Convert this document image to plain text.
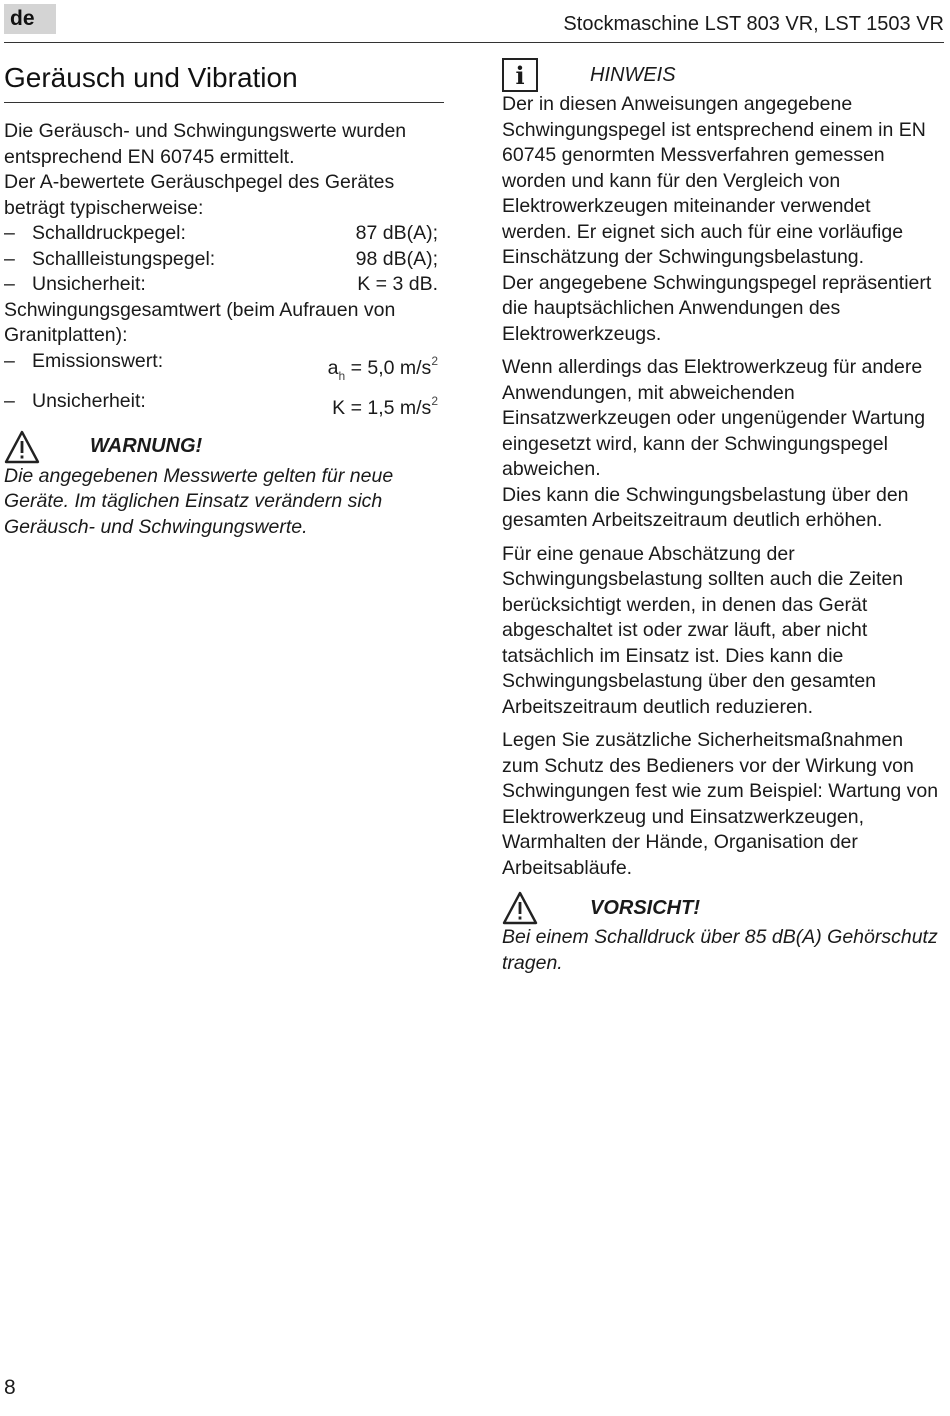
de	Stockmaschine LST 803 VR, LST 1503 VR
Geräusch und Vibration

Die Geräusch- und Schwingungswerte wurden entsprechend EN 60745 ermittelt.

Der A-bewertete Geräuschpegel des Gerätes beträgt typischerweise:

– Schalldruckpegel:	87 dB(A);
– Schallleistungspegel:	98 dB(A);
– Unsicherheit:	K = 3 dB.

Schwingungsgesamtwert (beim Aufrauen von Granitplatten):

– Emissionswert:	$a_h = 5,0$ $m/s^2$
– Unsicherheit:	K = 1,5 $m/s^2$
WARNUNG!

Die angegebenen Messwerte gelten für neue Geräte. Im täglichen Einsatz verändern sich Geräusch- und Schwingungswerte.

i	HINWEIS

Der in diesen Anweisungen angegebene Schwingungspegel ist entsprechend einem in EN 60745 genormten Messverfahren gemessen worden und kann für den Vergleich von Elektrowerkzeugen miteinander verwendet werden. Er eignet sich auch für eine vorläufige Einschätzung der Schwingungsbelastung.

Der angegebene Schwingungspegel repräsentiert die hauptsächlichen Anwendungen des Elektrowerkzeugs.

Wenn allerdings das Elektrowerkzeug für andere Anwendungen, mit abweichenden Einsatzwerkzeugen oder ungenügender Wartung eingesetzt wird, kann der Schwingungspegel abweichen.

Dies kann die Schwingungsbelastung über den gesamten Arbeitszeitraum deutlich erhöhen.

Für eine genaue Abschätzung der Schwingungsbelastung sollten auch die Zeiten berücksichtigt werden, in denen das Gerät abgeschaltet ist oder zwar läuft, aber nicht tatsächlich im Einsatz ist. Dies kann die Schwingungsbelastung über den gesamten Arbeitszeitraum deutlich reduzieren.

Legen Sie zusätzliche Sicherheitsmaßnahmen zum Schutz des Bedieners vor der Wirkung von Schwingungen fest wie zum Beispiel: Wartung von Elektrowerkzeug und Einsatzwerkzeugen, Warmhalten der Hände, Organisation der Arbeitsabläufe.

VORSICHT!

Bei einem Schalldruck über 85 dB(A) Gehörschutz tragen.

8
